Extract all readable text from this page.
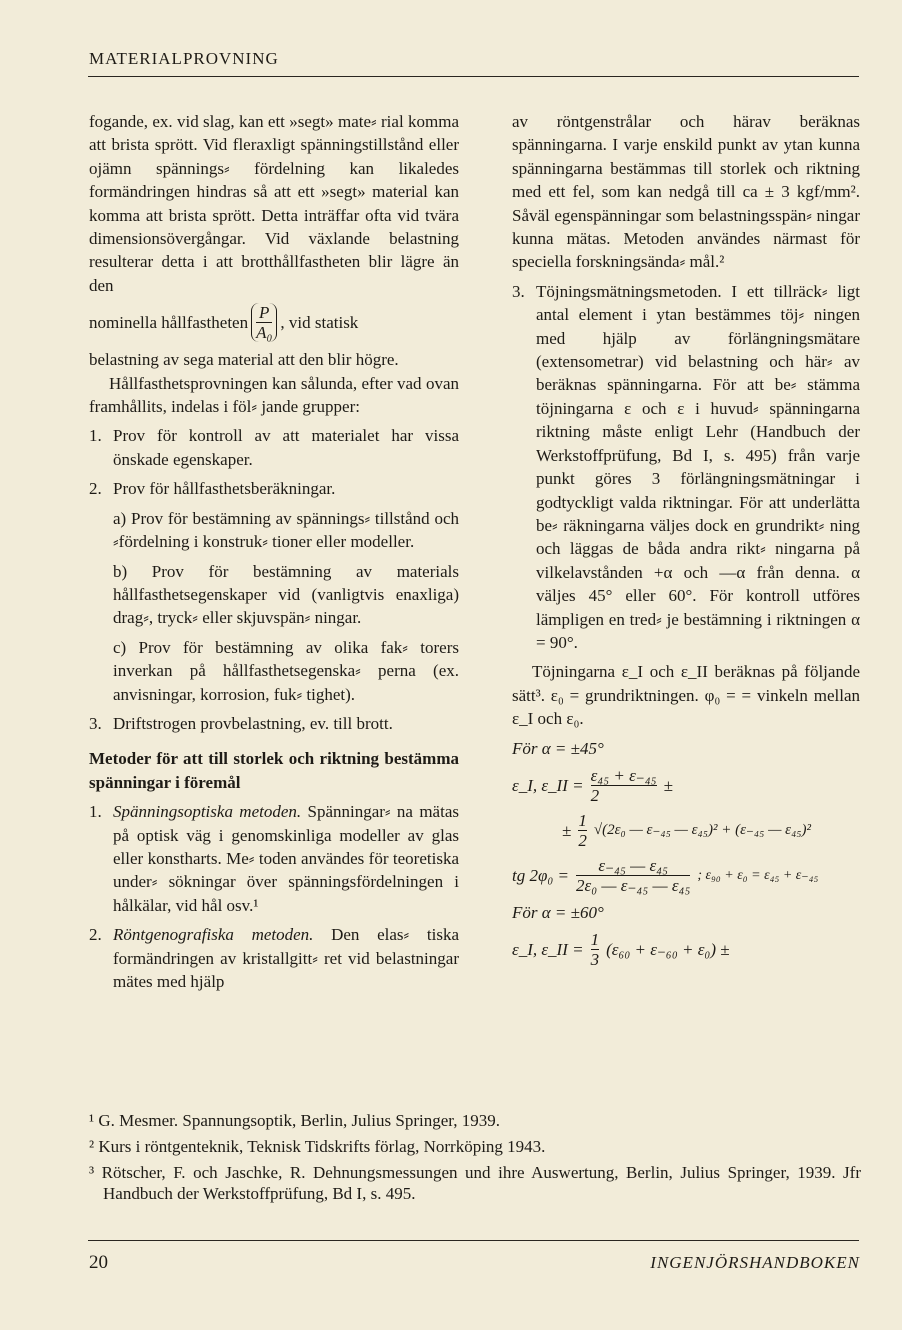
MATERIALPROVNING

fogande, ex. vid slag, kan ett »segt» mate⸗ rial komma att brista sprött. Vid fleraxligt spänningstillstånd eller ojämn spännings⸗ fördelning kan likaledes formändringen hindras så att ett »segt» material kan komma att brista sprött. Detta inträffar ofta vid tvära dimensionsövergångar. Vid växlande belastning resulterar detta i att brotthållfastheten blir lägre än den

nominella hållfastheten $\frac{P}{\text{A₀}}$ , vid statisk

belastning av sega material att den blir högre.

Hållfasthetsprovningen kan sålunda, efter vad ovan framhållits, indelas i föl⸗ jande grupper:

1. Prov för kontroll av att materialet har vissa önskade egenskaper.

2. Prov för hållfasthetsberäkningar.

a) Prov för bestämning av spännings⸗ tillstånd och ⸗fördelning i konstruk⸗ tioner eller modeller.

b) Prov för bestämning av materials hållfasthetsegenskaper vid (vanligtvis enaxliga) drag⸗, tryck⸗ eller skjuvspän⸗ ningar.

c) Prov för bestämning av olika fak⸗ torers inverkan på hållfasthetsegenska⸗ perna (ex. anvisningar, korrosion, fuk⸗ tighet).

3. Driftstrogen provbelastning, ev. till brott.

Metoder för att till storlek och riktning bestämma spänningar i föremål

1. Spänningsoptiska metoden. Spänningar⸗ na mätas på optisk väg i genomskinliga modeller av glas eller konstharts. Me⸗ toden användes för teoretiska under⸗ sökningar över spänningsfördelningen i hålkälar, vid hål osv.¹

2. Röntgenografiska metoden. Den elas⸗ tiska formändringen av kristallgitt⸗ ret vid belastningar mätes med hjälp

av röntgenstrålar och härav beräknas spänningarna. I varje enskild punkt av ytan kunna spänningarna bestämmas till storlek och riktning med ett fel, som kan nedgå till ca ± 3 kgf/mm². Såväl egenspänningar som belastningsspän⸗ ningar kunna mätas. Metoden användes närmast för speciella forskningsända⸗ mål.²

3. Töjningsmätningsmetoden. I ett tillräck⸗ ligt antal element i ytan bestämmes töj⸗ ningen med hjälp av förlängningsmätare (extensometrar) vid belastning och här⸗ av beräknas spänningarna. För att be⸗ stämma töjningarna ε och ε i huvud⸗ spänningarna riktning måste enligt Lehr (Handbuch der Werkstoffprüfung, Bd I, s. 495) från varje punkt göres 3 förlängningsmätningar i godtyckligt valda riktningar. För att underlätta be⸗ räkningarna väljes dock en grundrikt⸗ ning och läggas de båda andra rikt⸗ ningarna på vilkelavstånden +α och —α från denna. α väljes 45° eller 60°. För kontroll utföres lämpligen en tred⸗ je bestämning i riktningen α = 90°.

Töjningarna ε_I och ε_II beräknas på följande sätt³. ε₀ = grundriktningen. φ₀ = = vinkeln mellan ε_I och ε₀.

För α = ±45°
ε_I, ε_II = $\frac{\text{ε₄₅ + ε₋₄₅}}{2}$ ±
± $\frac{1}{2} √(2\varepsilon_0$ — ε₋₄₅ — ε₄₅)² + (ε₋₄₅ — ε₄₅)²
tg $2\varphi_0 = \frac{\text{ε₋₄₅ — ε₄₅}}{\text{2ε₀ — ε₋₄₅ — ε₄₅}}$ ; ε₉₀ + ε₀ = ε₄₅ + ε₋₄₅
För α = ±60°
ε_I, ε_II = $\frac{1}{3} (\varepsilon_{60} + \varepsilon_{-60} + \varepsilon_0)$ ±

¹ G. Mesmer. Spannungsoptik, Berlin, Julius Springer, 1939.

² Kurs i röntgenteknik, Teknisk Tidskrifts förlag, Norrköping 1943.

³ Rötscher, F. och Jaschke, R. Dehnungsmessungen und ihre Auswertung, Berlin, Julius Springer, 1939. Jfr Handbuch der Werkstoffprüfung, Bd I, s. 495.

20	INGENJÖRSHANDBOKEN
